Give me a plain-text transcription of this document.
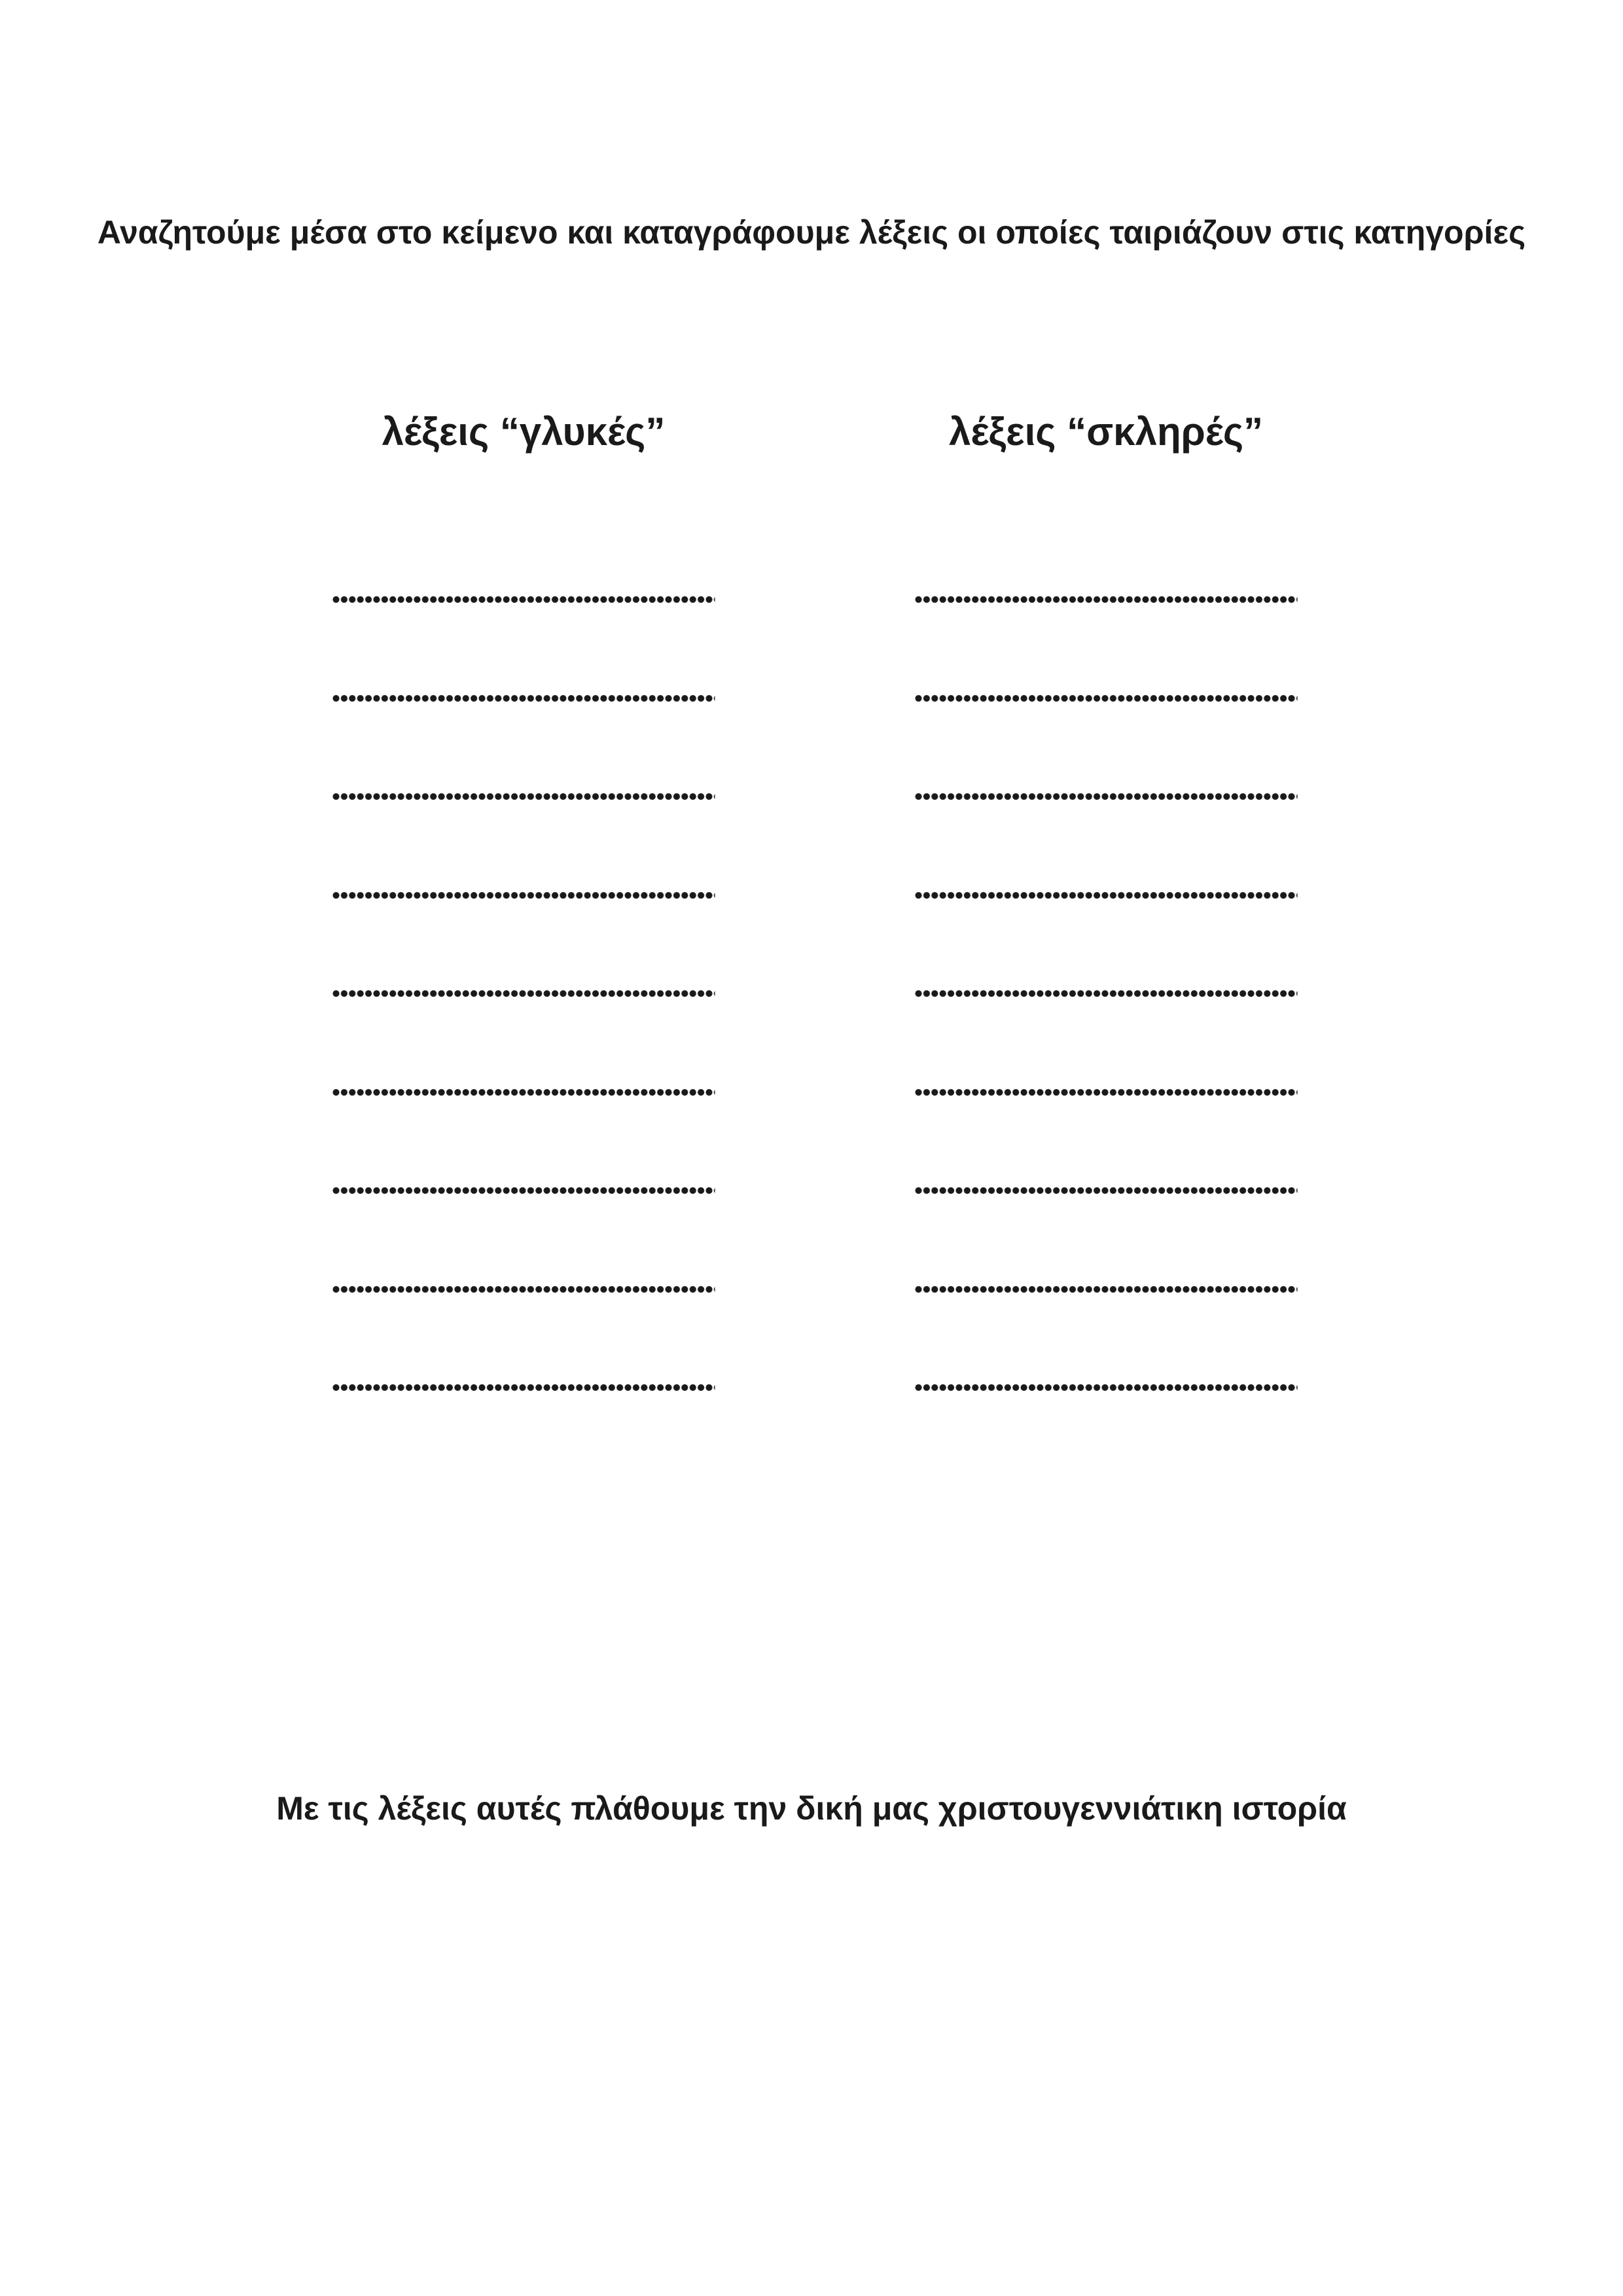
Αναζητούμε μέσα στο κείμενο και καταγράφουμε λέξεις οι οποίες ταιριάζουν στις κατηγορίες
λέξεις “γλυκές”	λέξεις “σκληρές”
Με τις λέξεις αυτές πλάθουμε την δική μας χριστουγεννιάτικη ιστορία
